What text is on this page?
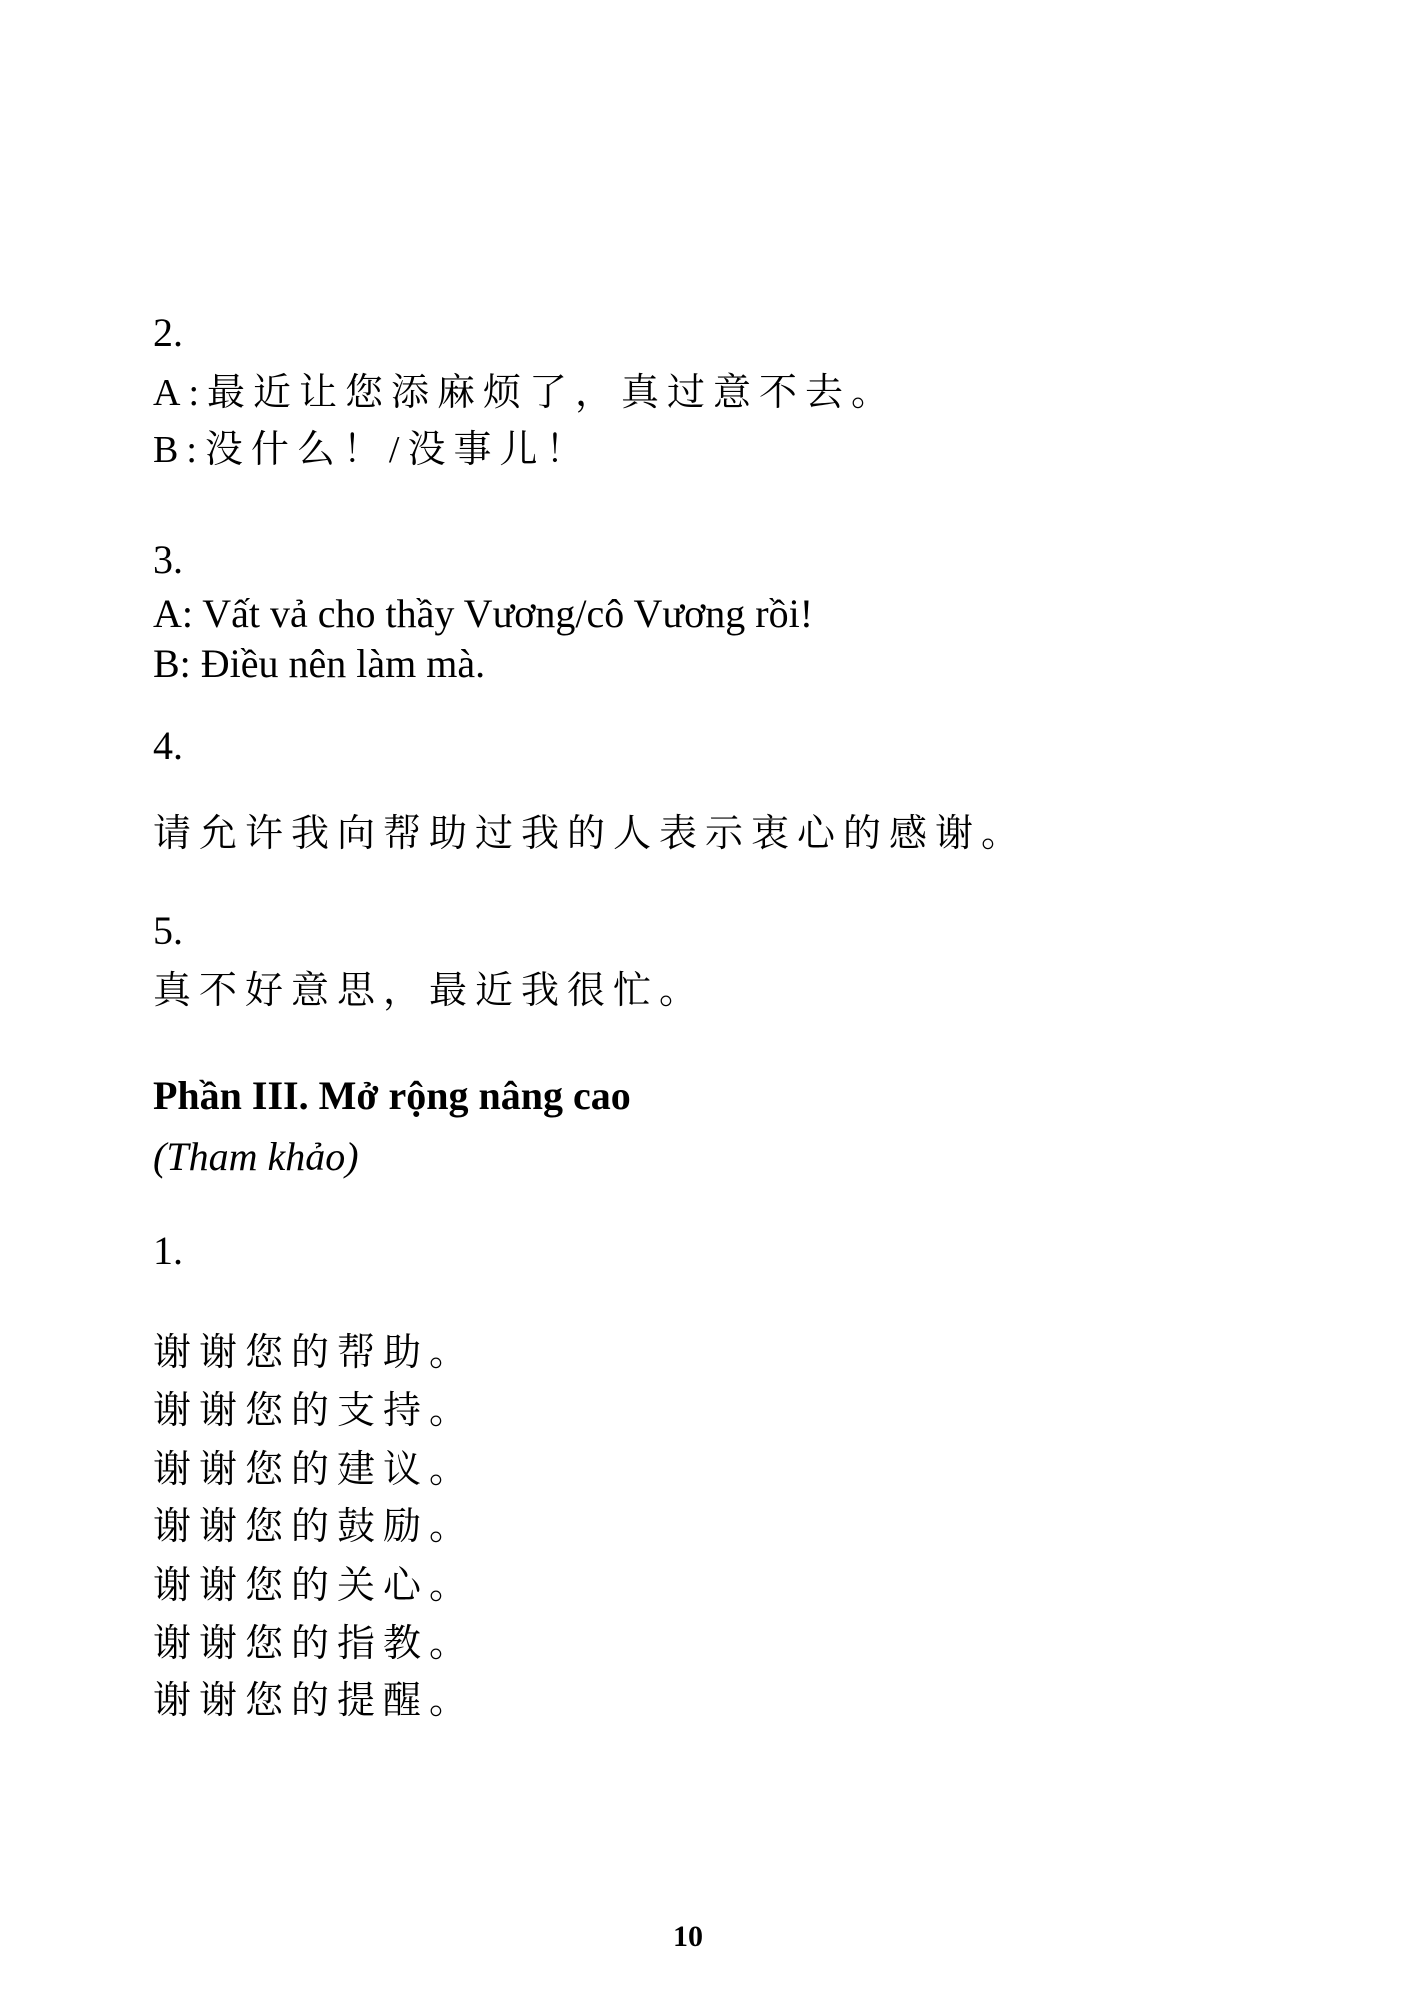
2.
A:最近让您添麻烦了，真过意不去。
B:没什么！/没事儿！
3.
A: Vất vả cho thầy Vương/cô Vương rồi!
B: Điều nên làm mà.
4.
请允许我向帮助过我的人表示衷心的感谢。
5.
真不好意思，最近我很忙。
Phần III. Mở rộng nâng cao
(Tham khảo)
1.
谢谢您的帮助。
谢谢您的支持。
谢谢您的建议。
谢谢您的鼓励。
谢谢您的关心。
谢谢您的指教。
谢谢您的提醒。
10
